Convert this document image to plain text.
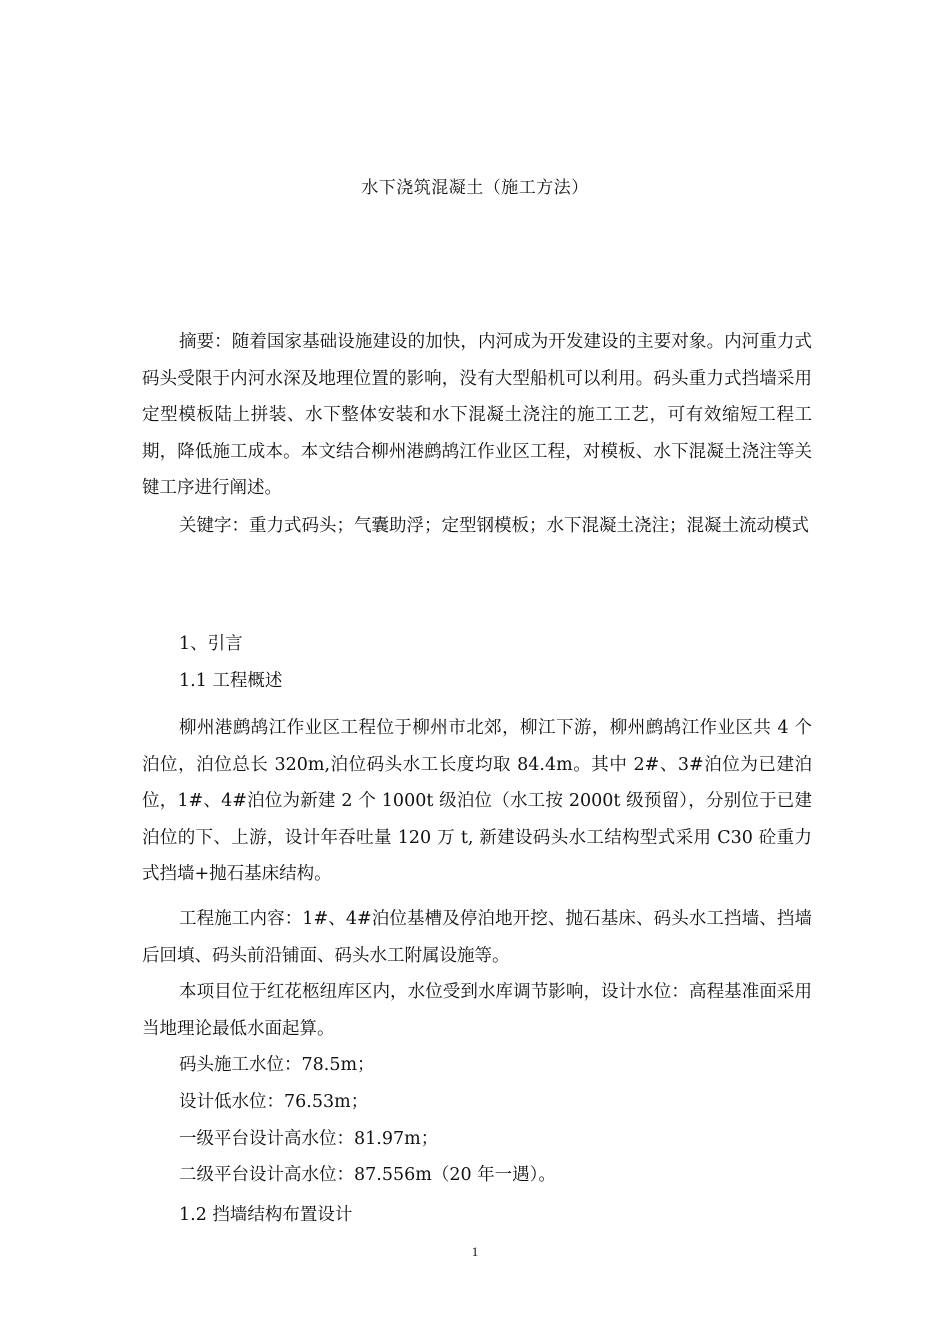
水下浇筑混凝土（施工方法）

摘要：随着国家基础设施建设的加快，内河成为开发建设的主要对象。内河重力式码头受限于内河水深及地理位置的影响，没有大型船机可以利用。码头重力式挡墙采用定型模板陆上拼装、水下整体安装和水下混凝土浇注的施工工艺，可有效缩短工程工期，降低施工成本。本文结合柳州港鹧鸪江作业区工程，对模板、水下混凝土浇注等关键工序进行阐述。

关键字：重力式码头；气囊助浮；定型钢模板；水下混凝土浇注；混凝土流动模式

1、引言

1.1 工程概述

柳州港鹧鸪江作业区工程位于柳州市北郊，柳江下游，柳州鹧鸪江作业区共 4 个泊位，泊位总长 320m,泊位码头水工长度均取 84.4m。其中 2#、3#泊位为已建泊位，1#、4#泊位为新建 2 个 1000t 级泊位（水工按 2000t 级预留），分别位于已建泊位的下、上游，设计年吞吐量 120 万 t, 新建设码头水工结构型式采用 C30 砼重力式挡墙+抛石基床结构。

工程施工内容：1#、4#泊位基槽及停泊地开挖、抛石基床、码头水工挡墙、挡墙后回填、码头前沿铺面、码头水工附属设施等。

本项目位于红花柩纽库区内，水位受到水库调节影响，设计水位：高程基准面采用当地理论最低水面起算。

码头施工水位：78.5m；

设计低水位：76.53m；

一级平台设计高水位：81.97m；

二级平台设计高水位：87.556m（20 年一遇）。

1.2 挡墙结构布置设计

1
